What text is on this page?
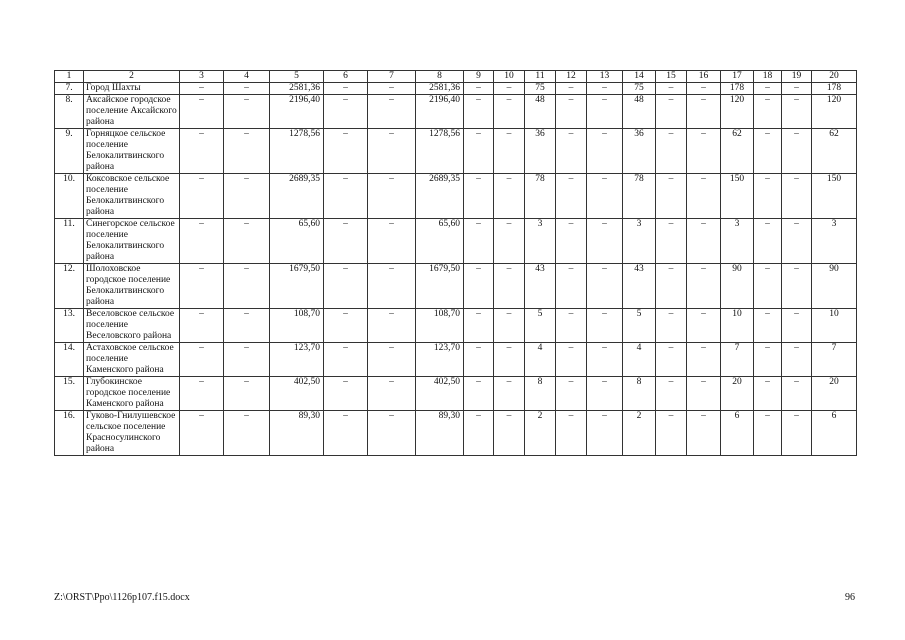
1	2	3	4	5	6	7	8	9	10	11	12	13	14	15	16	17	18	19	20
7.	Город Шахты	–	–	2581,36	–	–	2581,36	–	–	75	–	–	75	–	–	178	–	–	178
8.	Аксайское городское поселение Аксайского района	–	–	2196,40	–	–	2196,40	–	–	48	–	–	48	–	–	120	–	–	120
9.	Горняцкое сельское поселение Белокалитвинского района	–	–	1278,56	–	–	1278,56	–	–	36	–	–	36	–	–	62	–	–	62
10.	Коксовское сельское поселение Белокалитвинского района	–	–	2689,35	–	–	2689,35	–	–	78	–	–	78	–	–	150	–	–	150
11.	Синегорское сельское поселение Белокалитвинского района	–	–	65,60	–	–	65,60	–	–	3	–	–	3	–	–	3	–	–	3
12.	Шолоховское городское поселение Белокалитвинского района	–	–	1679,50	–	–	1679,50	–	–	43	–	–	43	–	–	90	–	–	90
13.	Веселовское сельское поселение Веселовского района	–	–	108,70	–	–	108,70	–	–	5	–	–	5	–	–	10	–	–	10
14.	Астаховское сельское поселение Каменского района	–	–	123,70	–	–	123,70	–	–	4	–	–	4	–	–	7	–	–	7
15.	Глубокинское городское поселение Каменского района	–	–	402,50	–	–	402,50	–	–	8	–	–	8	–	–	20	–	–	20
16.	Гуково-Гнилушевское сельское поселение Красносулинского района	–	–	89,30	–	–	89,30	–	–	2	–	–	2	–	–	6	–	–	6
Z:\ORST\Ppo\1126p107.f15.docx	96
